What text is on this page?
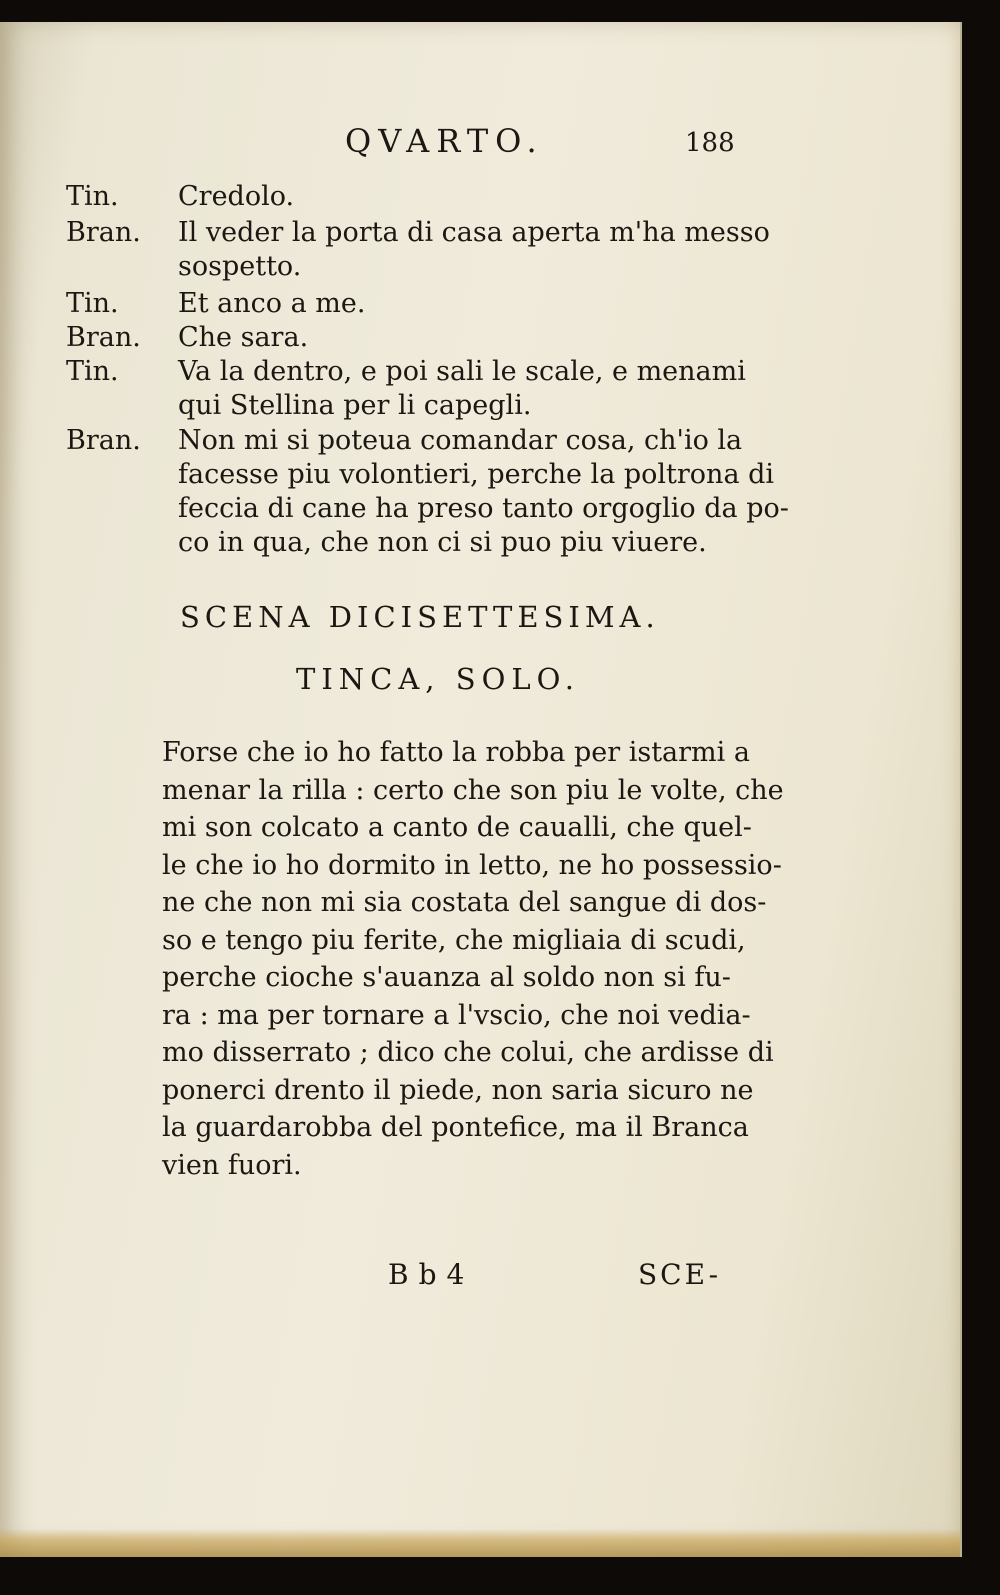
QVARTO.	188
Tin.	Credolo.
Bran.	Il veder la porta di casa aperta m'ha messo
sospetto.
Tin.	Et anco a me.
Bran.	Che sara.
Tin.	Va la dentro, e poi sali le scale, e menami
qui Stellina per li capegli.
Bran.	Non mi si poteua comandar cosa, ch'io la
facesse piu volontieri, perche la poltrona di
feccia di cane ha preso tanto orgoglio da po-
co in qua, che non ci si puo piu viuere.
SCENA DICISETTESIMA.
TINCA, SOLO.
Forse che io ho fatto la robba per istarmi a
menar la rilla : certo che son piu le volte, che
mi son colcato a canto de caualli, che quel-
le che io ho dormito in letto, ne ho possessio-
ne che non mi sia costata del sangue di dos-
so e tengo piu ferite, che migliaia di scudi,
perche cioche s'auanza al soldo non si fu-
ra : ma per tornare a l'vscio, che noi vedia-
mo disserrato ; dico che colui, che ardisse di
ponerci drento il piede, non saria sicuro ne
la guardarobba del pontefice, ma il Branca
vien fuori.
Bb4	SCE-
